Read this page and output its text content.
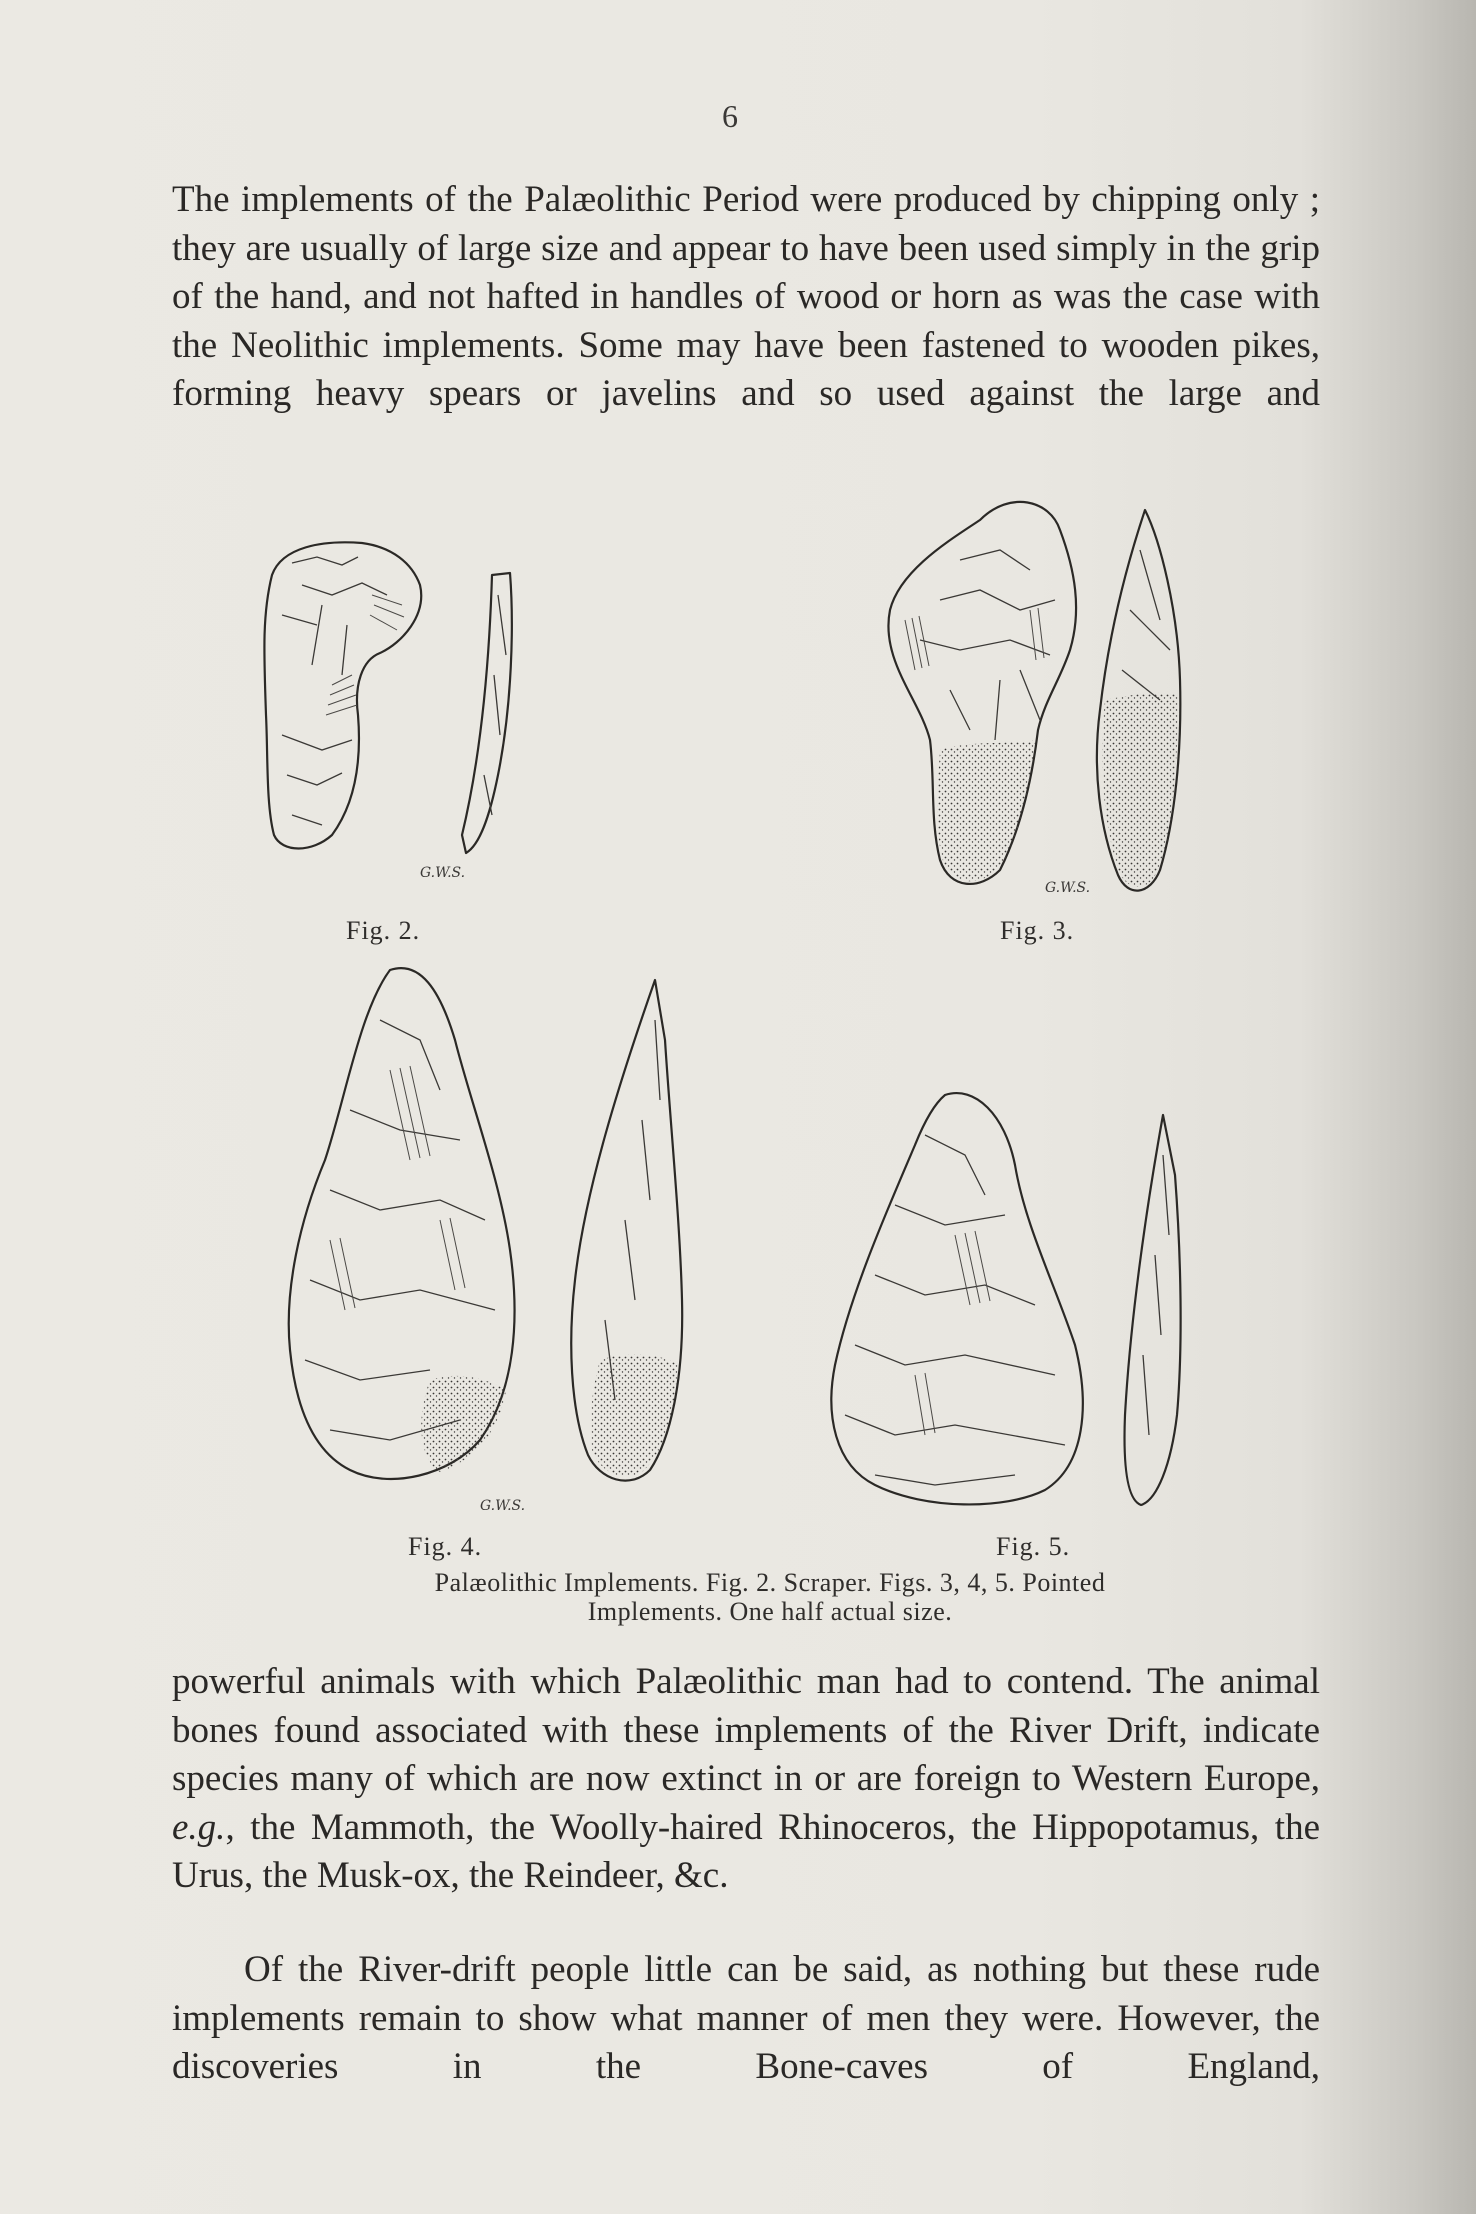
6

The implements of the Palæolithic Period were produced by chipping only ; they are usually of large size and appear to have been used simply in the grip of the hand, and not hafted in handles of wood or horn as was the case with the Neolithic implements. Some may have been fastened to wooden pikes, forming heavy spears or javelins and so used against the large and

G.W.S.
Fig. 2.
G.W.S.
Fig. 3.
G.W.S.
Fig. 4.	Fig. 5.
Palæolithic Implements. Fig. 2. Scraper. Figs. 3, 4, 5. Pointed
Implements. One half actual size.

powerful animals with which Palæolithic man had to contend. The animal bones found associated with these implements of the River Drift, indicate species many of which are now extinct in or are foreign to Western Europe, e.g., the Mammoth, the Woolly-haired Rhinoceros, the Hippopotamus, the Urus, the Musk-ox, the Reindeer, &c.

Of the River-drift people little can be said, as nothing but these rude implements remain to show what manner of men they were. However, the discoveries in the Bone-caves of England,
